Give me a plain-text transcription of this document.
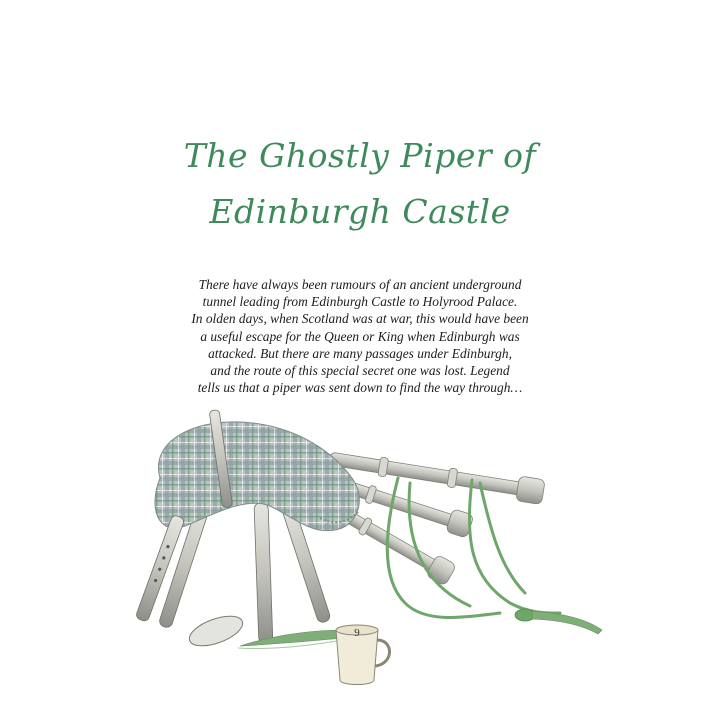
The Ghostly Piper of
Edinburgh Castle
There have always been rumours of an ancient underground
tunnel leading from Edinburgh Castle to Holyrood Palace.
In olden days, when Scotland was at war, this would have been
a useful escape for the Queen or King when Edinburgh was
attacked. But there are many passages under Edinburgh,
and the route of this special secret one was lost. Legend
tells us that a piper was sent down to find the way through…
9
